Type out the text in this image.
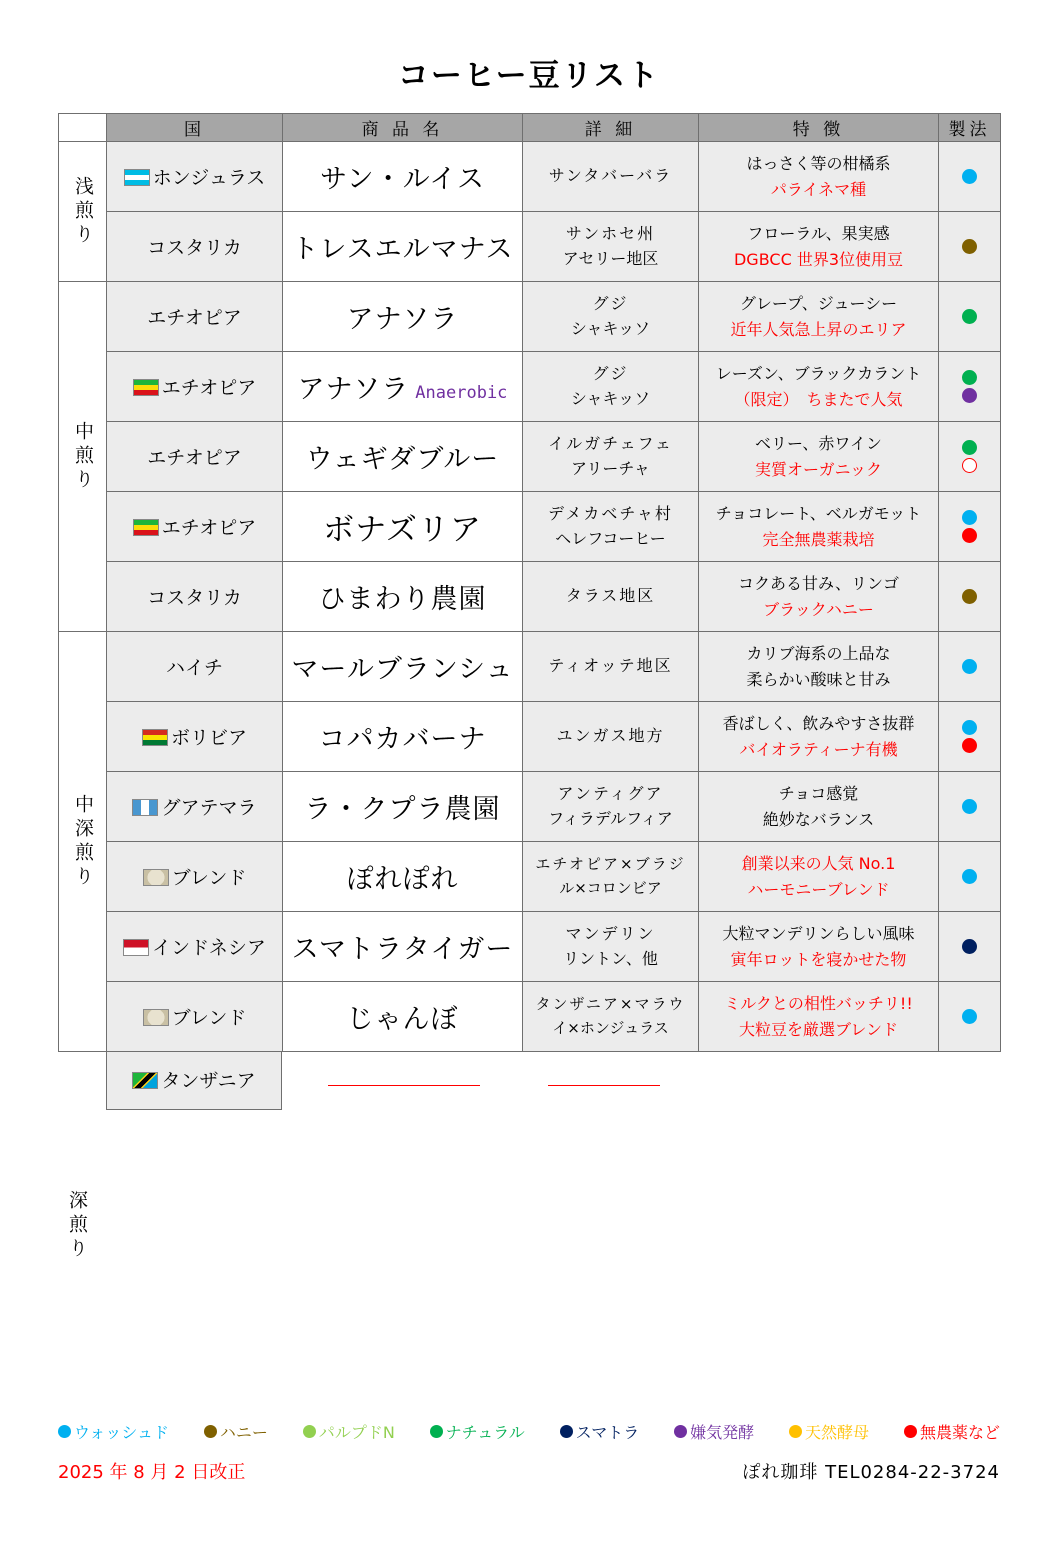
コーヒー豆リスト
	国	商 品 名	詳 細	特 徴	製法

浅煎り	ホンジュラス	サン・ルイス	サンタバーバラ	はっさく等の柑橘系
パライネマ種	

	コスタリカ	トレスエルマナス	サンホセ州
アセリー地区	フローラル、果実感
DGBCC 世界3位使用豆	

中煎り	エチオピア	アナソラ	グジ
シャキッソ	グレープ、ジューシー
近年人気急上昇のエリア	

	エチオピア	アナソラ Anaerobic	グジ
シャキッソ	レーズン、ブラックカラント
（限定）　ちまたで人気	

	エチオピア	ウェギダブルー	イルガチェフェ
アリーチャ	ベリー、赤ワイン
実質オーガニック	

	エチオピア	ボナズリア	デメカベチャ村
ヘレフコーヒー	チョコレート、ベルガモット
完全無農薬栽培	

	コスタリカ	ひまわり農園	タラス地区	コクある甘み、リンゴ
ブラックハニー	

中深煎り	ハイチ	マールブランシュ	ティオッテ地区	カリブ海系の上品な
柔らかい酸味と甘み	

	ボリビア	コパカバーナ	ユンガス地方	香ばしく、飲みやすさ抜群
バイオラティーナ有機	

	グアテマラ	ラ・クプラ農園	アンティグア
フィラデルフィア	チョコ感覚
絶妙なバランス	

	ブレンド	ぽれぽれ	エチオピア×ブラジ
ル×コロンビア	創業以来の人気 No.1
ハーモニーブレンド	

	インドネシア	スマトラタイガー	マンデリン
リントン、他	大粒マンデリンらしい風味
寅年ロットを寝かせた物	

	ブレンド	じゃんぼ	タンザニア×マラウ
イ×ホンジュラス	ミルクとの相性バッチリ!!
大粒豆を厳選ブレンド	

タンザニア
深煎り
ウォッシュド	ハニー	パルプドN	ナチュラル	スマトラ	嫌気発酵	天然酵母	無農薬など
2025 年 8 月 2 日改正	ぽれ珈琲 TEL0284-22-3724
